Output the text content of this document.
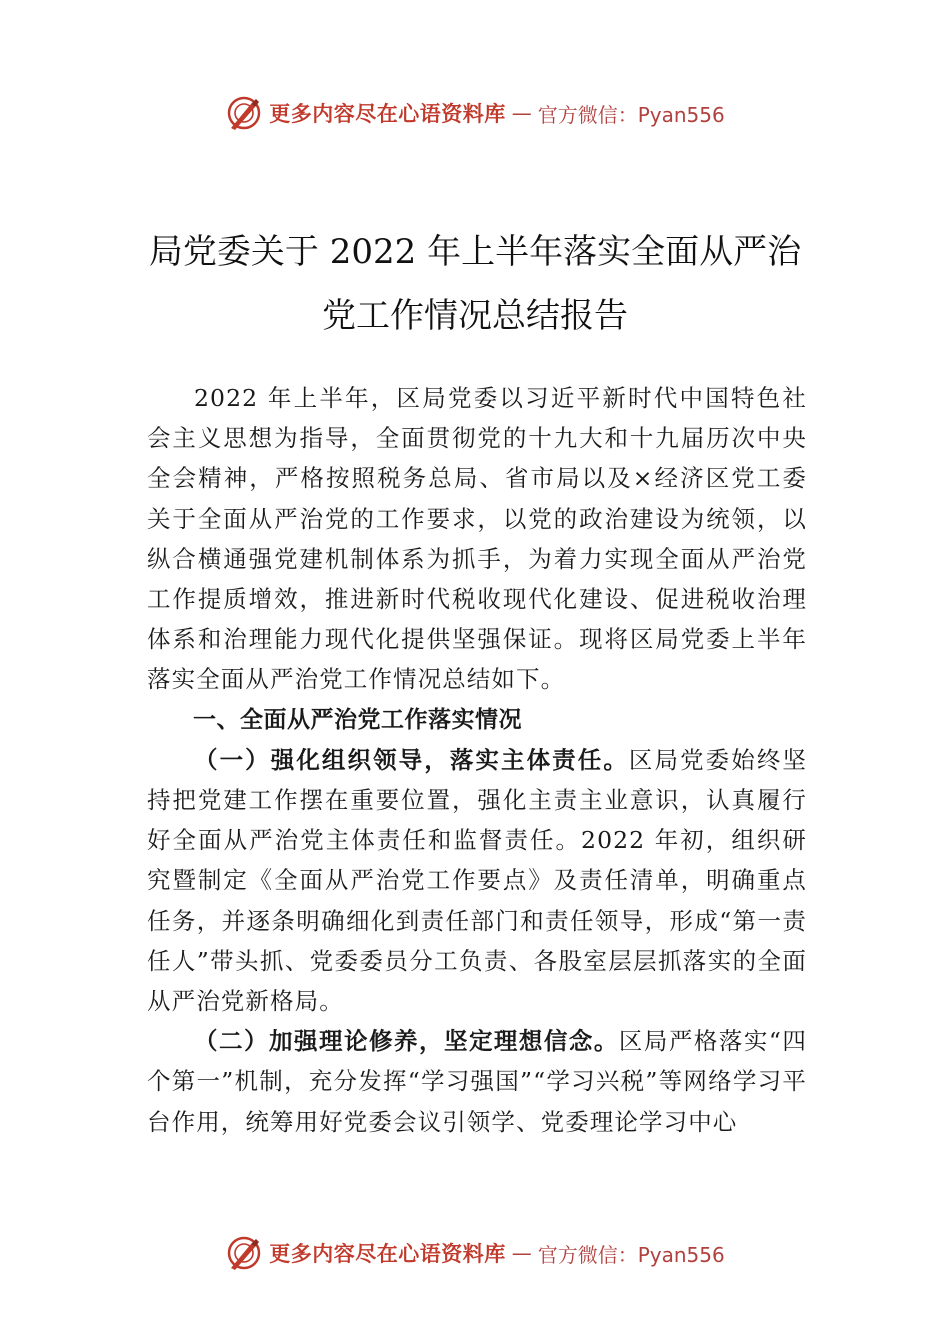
更多内容尽在心语资料库 — 官方微信：Pyan556
局党委关于 2022 年上半年落实全面从严治
党工作情况总结报告

2022 年上半年，区局党委以习近平新时代中国特色社会主义思想为指导，全面贯彻党的十九大和十九届历次中央全会精神，严格按照税务总局、省市局以及×经济区党工委关于全面从严治党的工作要求，以党的政治建设为统领，以纵合横通强党建机制体系为抓手，为着力实现全面从严治党工作提质增效，推进新时代税收现代化建设、促进税收治理体系和治理能力现代化提供坚强保证。现将区局党委上半年落实全面从严治党工作情况总结如下。

一、全面从严治党工作落实情况

（一）强化组织领导，落实主体责任。区局党委始终坚持把党建工作摆在重要位置，强化主责主业意识，认真履行好全面从严治党主体责任和监督责任。2022 年初，组织研究暨制定《全面从严治党工作要点》及责任清单，明确重点任务，并逐条明确细化到责任部门和责任领导，形成“第一责任人”带头抓、党委委员分工负责、各股室层层抓落实的全面从严治党新格局。

（二）加强理论修养，坚定理想信念。区局严格落实“四个第一”机制，充分发挥“学习强国”“学习兴税”等网络学习平台作用，统筹用好党委会议引领学、党委理论学习中心

更多内容尽在心语资料库 — 官方微信：Pyan556
